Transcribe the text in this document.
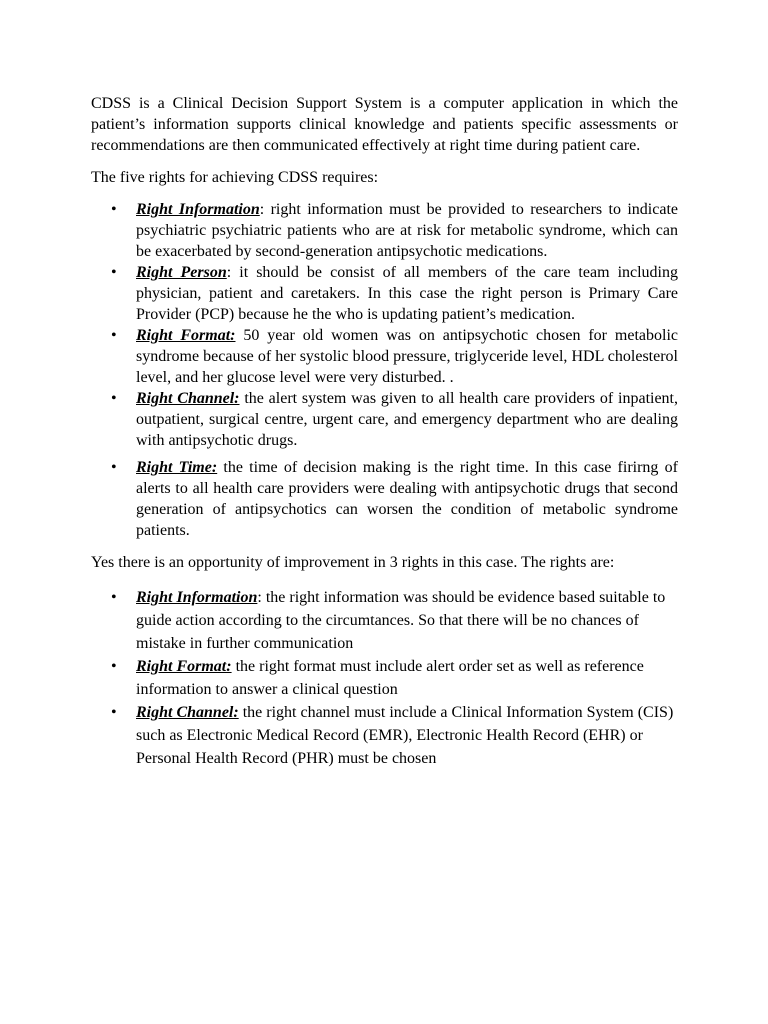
CDSS is a Clinical Decision Support System is a computer application in which the patient’s information supports clinical knowledge and patients specific assessments or recommendations are then communicated effectively at right time during patient care.

The five rights for achieving CDSS requires:

• Right Information: right information must be provided to researchers to indicate psychiatric psychiatric patients who are at risk for metabolic syndrome, which can be exacerbated by second-generation antipsychotic medications.
• Right Person: it should be consist of all members of the care team including physician, patient and caretakers. In this case the right person is Primary Care Provider (PCP) because he the who is updating patient’s medication.
• Right Format: 50 year old women was on antipsychotic chosen for metabolic syndrome because of her systolic blood pressure, triglyceride level, HDL cholesterol level, and her glucose level were very disturbed. .
• Right Channel: the alert system was given to all health care providers of inpatient, outpatient, surgical centre, urgent care, and emergency department who are dealing with antipsychotic drugs.
• Right Time: the time of decision making is the right time. In this case firirng of alerts to all health care providers were dealing with antipsychotic drugs that second generation of antipsychotics can worsen the condition of metabolic syndrome patients.

Yes there is an opportunity of improvement in 3 rights in this case. The rights are:

• Right Information: the right information was should be evidence based suitable to guide action according to the circumtances. So that there will be no chances of mistake in further communication
• Right Format: the right format must include alert order set as well as reference information to answer a clinical question
• Right Channel: the right channel must include a Clinical Information System (CIS) such as Electronic Medical Record (EMR), Electronic Health Record (EHR) or Personal Health Record (PHR) must be chosen
